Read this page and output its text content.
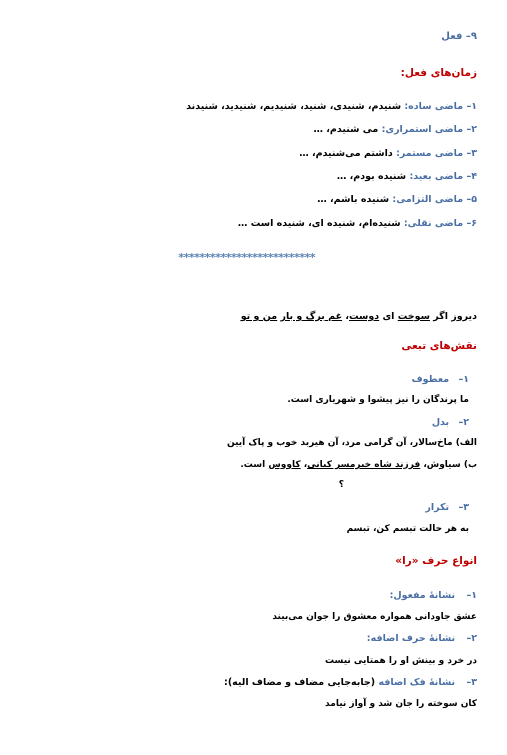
۹– فعل
زمان‌های فعل:
۱– ماضی ساده: شنیدم، شنیدی، شنید، شنیدیم، شنیدید، شنیدند
۲– ماضی استمراری: می شنیدم، …
۳– ماضی مستمر: داشتم می‌شنیدم، …
۴– ماضی بعید: شنیده بودم، …
۵– ماضی التزامی: شنیده باشم، …
۶– ماضی نقلی: شنیده‌ام، شنیده ای، شنیده است …
**************************
دیروز اگر سوخت ای دوست، غم برگ و بار من و تو
نقش‌های تبعی
۱– معطوف
ما پرندگان را نیز پیشوا و شهریاری است.
۲– بدل
الف) ماخ‌سالار، آن گرامی مرد، آن هیربد خوب و پاک آیین
ب) سیاوش، فرزند شاه خیرمسر کیانی، کاووس است.
؟
۳– تکرار
به هر حالت تبسم کن، تبسم
انواع حرف «را»
۱– نشانهٔ مفعول:
عشق جاودانی همواره معشوق را جوان می‌بیند
۲– نشانهٔ حرف اضافه:
در خرد و بینش او را همتایی نیست
۳– نشانهٔ فک اضافه (جابه‌جایی مضاف و مضاف الیه):
کان سوخته را جان شد و آواز نیامد
